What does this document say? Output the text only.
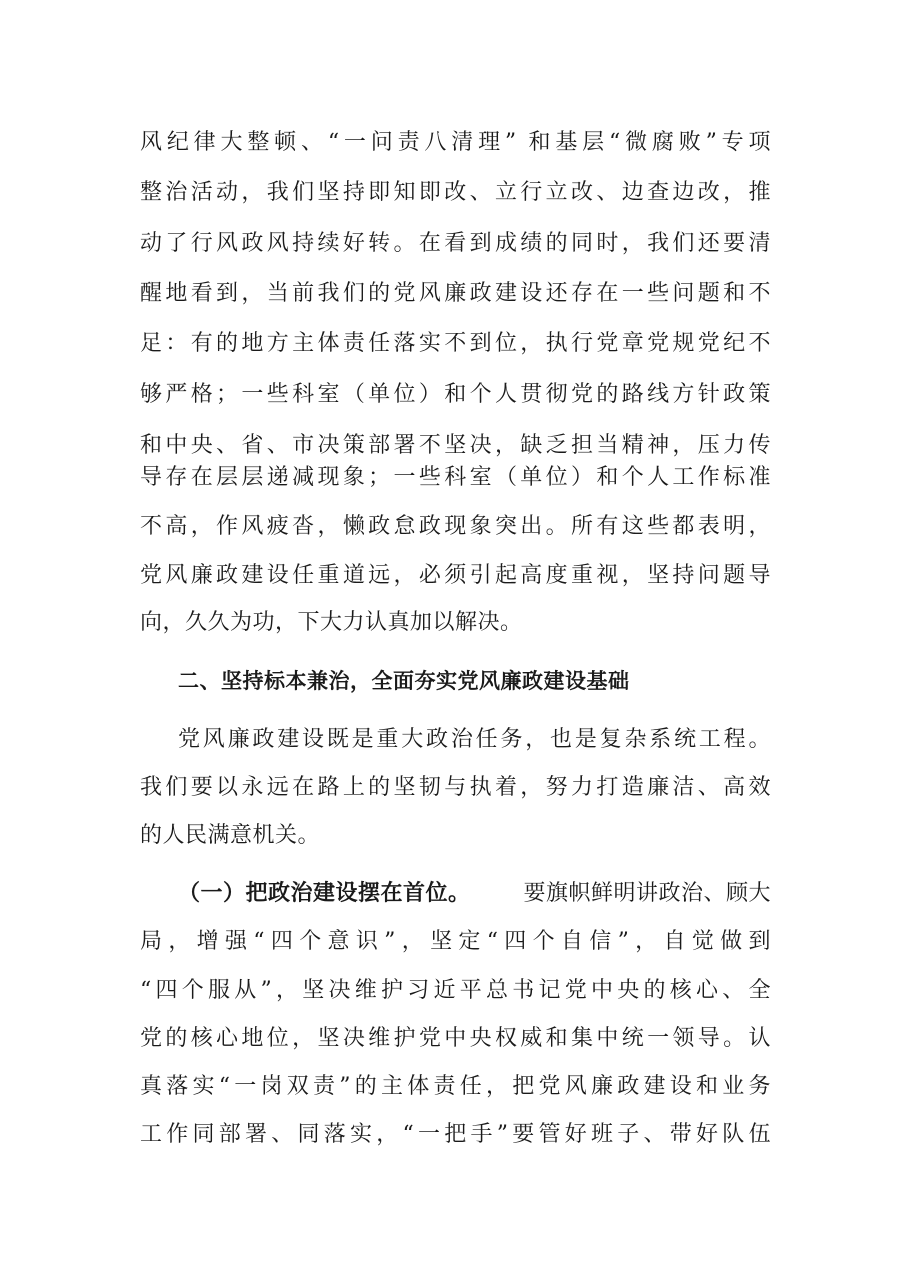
风纪律大整顿、“一问责八清理” 和基层“微腐败”专项
整治活动，我们坚持即知即改、立行立改、边查边改，推
动了行风政风持续好转。在看到成绩的同时，我们还要清
醒地看到，当前我们的党风廉政建设还存在一些问题和不
足：有的地方主体责任落实不到位，执行党章党规党纪不
够严格；一些科室（单位）和个人贯彻党的路线方针政策
和中央、省、市决策部署不坚决，缺乏担当精神，压力传
导存在层层递减现象；一些科室（单位）和个人工作标准
不高，作风疲沓，懒政怠政现象突出。所有这些都表明，
党风廉政建设任重道远，必须引起高度重视，坚持问题导
向，久久为功，下大力认真加以解决。
二、坚持标本兼治，全面夯实党风廉政建设基础
党风廉政建设既是重大政治任务，也是复杂系统工程。
我们要以永远在路上的坚韧与执着，努力打造廉洁、高效
的人民满意机关。
（一）把政治建设摆在首位。 要旗帜鲜明讲政治、顾大
局，增强“四个意识”，坚定“四个自信”，自觉做到
“四个服从”，坚决维护习近平总书记党中央的核心、全
党的核心地位，坚决维护党中央权威和集中统一领导。认
真落实“一岗双责”的主体责任，把党风廉政建设和业务
工作同部署、同落实，“一把手”要管好班子、带好队伍
